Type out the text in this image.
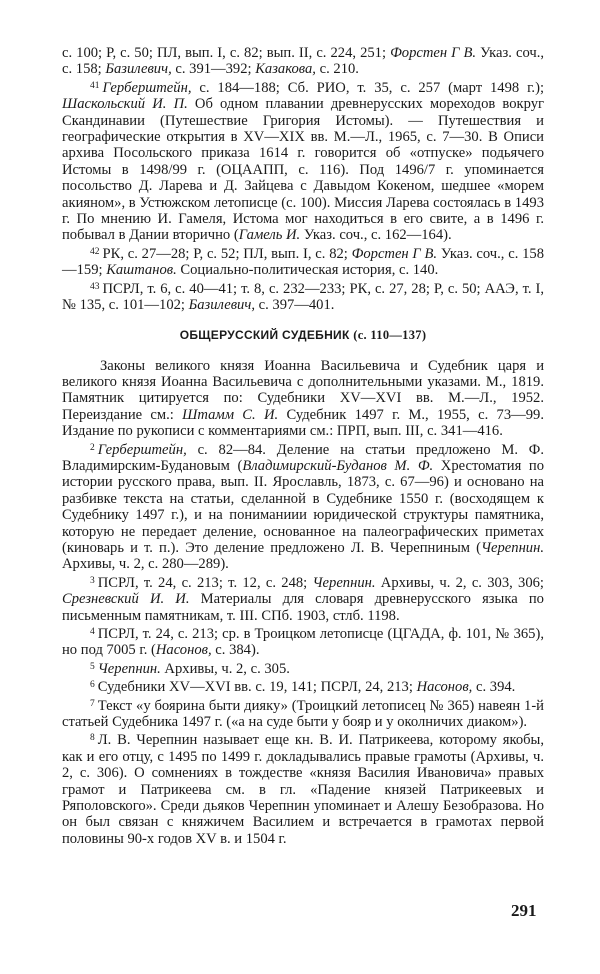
с. 100; Р, с. 50; ПЛ, вып. I, с. 82; вып. II, с. 224, 251; Форстен Г В. Указ. соч., с. 158; Базилевич, с. 391—392; Казакова, с. 210.

$^{41}$ Герберштейн, с. 184—188; Сб. РИО, т. 35, с. 257 (март 1498 г.); Шаскольский И. П. Об одном плавании древнерусских мореходов вокруг Скандинавии (Путешествие Григория Истомы). — Путешествия и географические открытия в XV—XIX вв. М.—Л., 1965, с. 7—30. В Описи архива Посольского приказа 1614 г. говорится об «отпуске» подьячего Истомы в 1498/99 г. (ОЦААПП, с. 116). Под 1496/7 г. упоминается посольство Д. Ларева и Д. Зайцева с Давыдом Кокеном, шедшее «морем акияном», в Устюжском летописце (с. 100). Миссия Ларева состоялась в 1493 г. По мнению И. Гамеля, Истома мог находиться в его свите, а в 1496 г. побывал в Дании вторично (Гамель И. Указ. соч., с. 162—164).

$^{42}$ РК, с. 27—28; Р, с. 52; ПЛ, вып. I, с. 82; Форстен Г В. Указ. соч., с. 158—159; Каштанов. Социально-политическая история, с. 140.

$^{43}$ ПСРЛ, т. 6, с. 40—41; т. 8, с. 232—233; РК, с. 27, 28; Р, с. 50; ААЭ, т. I, № 135, с. 101—102; Базилевич, с. 397—401.

ОБЩЕРУССКИЙ СУДЕБНИК (с. 110—137)

Законы великого князя Иоанна Васильевича и Судебник царя и великого князя Иоанна Васильевича с дополнительными указами. М., 1819. Памятник цитируется по: Судебники XV—XVI вв. М.—Л., 1952. Переиздание см.: Штамм С. И. Судебник 1497 г. М., 1955, с. 73—99. Издание по рукописи с комментариями см.: ПРП, вып. III, с. 341—416.

$^2$ Герберштейн, с. 82—84. Деление на статьи предложено М. Ф. Владимирским-Будановым (Владимирский-Буданов М. Ф. Хрестоматия по истории русского права, вып. II. Ярославль, 1873, с. 67—96) и основано на разбивке текста на статьи, сделанной в Судебнике 1550 г. (восходящем к Судебнику 1497 г.), и на пониманиии юридической структуры памятника, которую не передает деление, основанное на палеографических приметах (киноварь и т. п.). Это деление предложено Л. В. Черепниным (Черепнин. Архивы, ч. 2, с. 280—289).

$^3$ ПСРЛ, т. 24, с. 213; т. 12, с. 248; Черепнин. Архивы, ч. 2, с. 303, 306; Срезневский И. И. Материалы для словаря древнерусского языка по письменным памятникам, т. III. СПб. 1903, стлб. 1198.

$^4$ ПСРЛ, т. 24, с. 213; ср. в Троицком летописце (ЦГАДА, ф. 101, № 365), но под 7005 г. (Насонов, с. 384).

$^5$ Черепнин. Архивы, ч. 2, с. 305.

$^6$ Судебники XV—XVI вв. с. 19, 141; ПСРЛ, 24, 213; Насонов, с. 394.

$^7$ Текст «у боярина быти дияку» (Троицкий летописец № 365) навеян 1-й статьей Судебника 1497 г. («а на суде быти у бояр и у околничих диаком»).

$^8$ Л. В. Черепнин называет еще кн. В. И. Патрикеева, которому якобы, как и его отцу, с 1495 по 1499 г. докладывались правые грамоты (Архивы, ч. 2, с. 306). О сомнениях в тождестве «князя Василия Ивановича» правых грамот и Патрикеева см. в гл. «Падение князей Патрикеевых и Ряполовского». Среди дьяков Черепнин упоминает и Алешу Безобразова. Но он был связан с княжичем Василием и встречается в грамотах первой половины 90-х годов XV в. и 1504 г.

291
